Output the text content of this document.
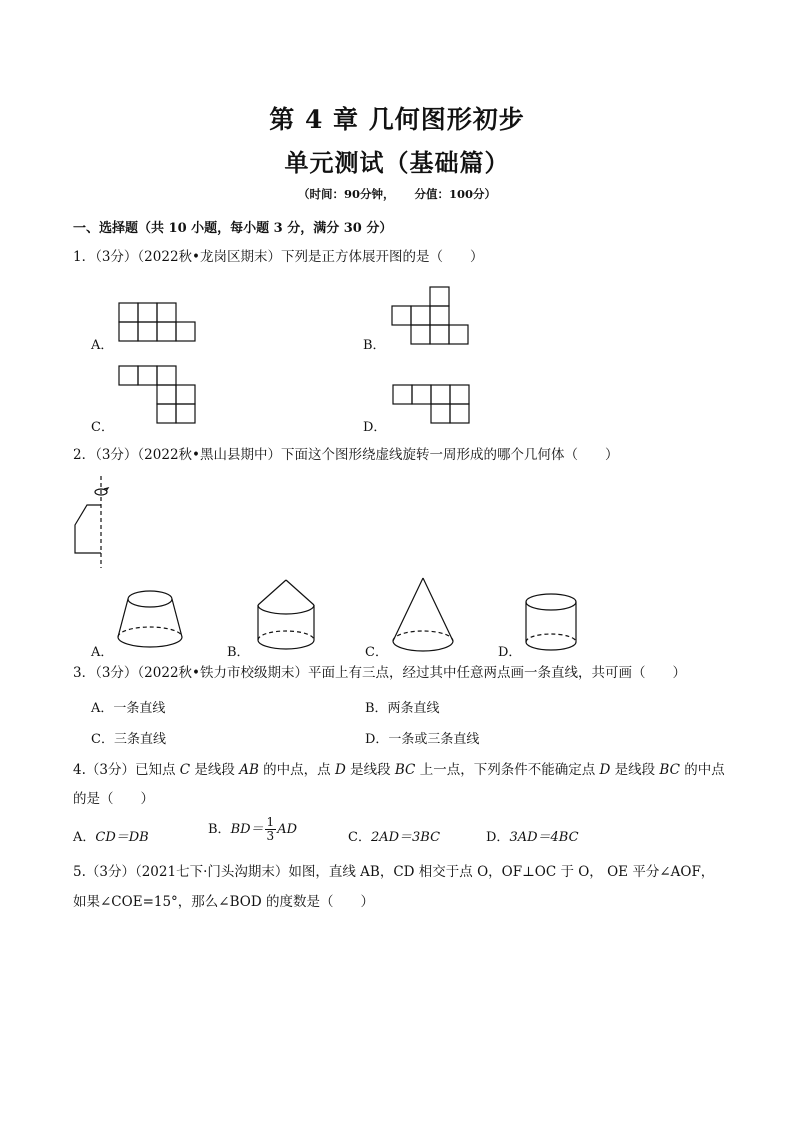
第 4 章 几何图形初步
单元测试（基础篇）
（时间：90分钟， 分值：100分）
一、选择题（共 10 小题，每小题 3 分，满分 30 分）
1．（3分）（2022秋•龙岗区期末）下列是正方体展开图的是（　　）
A．	B．
C．	D．
2．（3分）（2022秋•黑山县期中）下面这个图形绕虚线旋转一周形成的哪个几何体（　　）
A．	B．	C．	D．
3．（3分）（2022秋•铁力市校级期末）平面上有三点，经过其中任意两点画一条直线，共可画（　　）
A．一条直线	B．两条直线
C．三条直线	D．一条或三条直线
4.（3分）已知点 C 是线段 AB 的中点，点 D 是线段 BC 上一点，下列条件不能确定点 D 是线段 BC 的中点
的是（　　）
A．CD＝DB
B．$BD= \frac{1}{3}$ AD
C．2AD＝3BC	D．3AD＝4BC
5.（3分）（2021七下·门头沟期末）如图，直线 AB，CD 相交于点 O，OF⊥OC 于 O， OE 平分∠AOF，
如果∠COE=15°，那么∠BOD 的度数是（　　）
